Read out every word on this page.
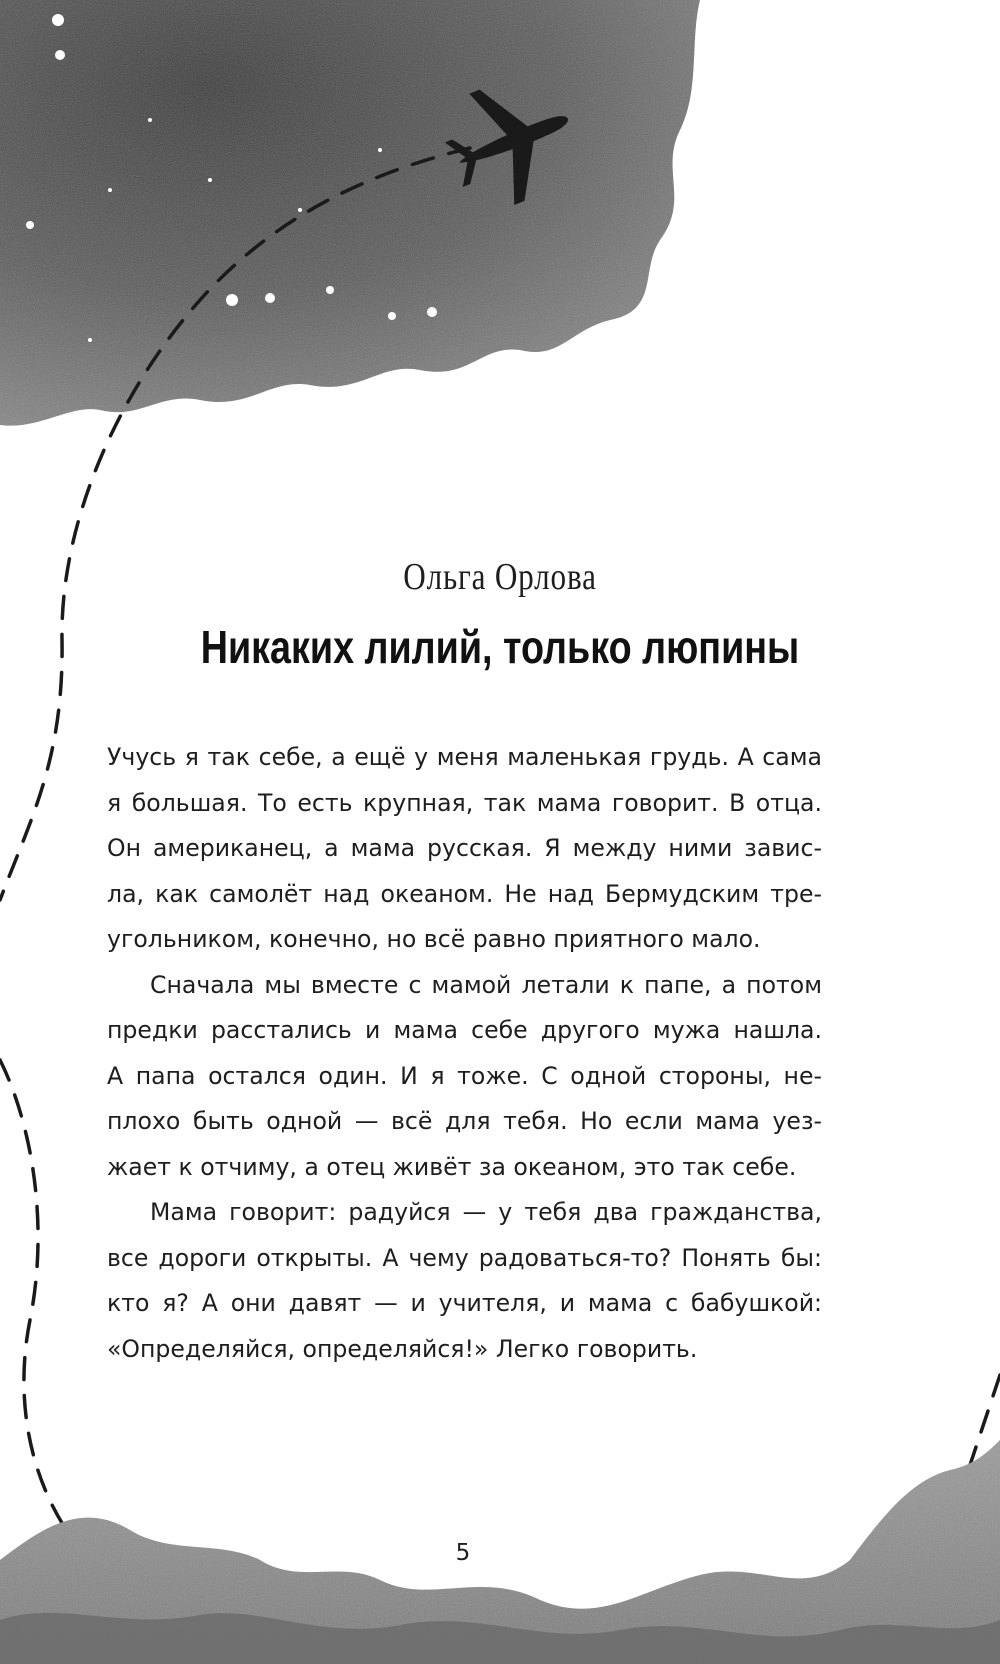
Ольга Орлова
Никаких лилий, только люпины
Учусь я так себе, а ещё у меня маленькая грудь. А сама
я большая. То есть крупная, так мама говорит. В отца.
Он американец, а мама русская. Я между ними завис-
ла, как самолёт над океаном. Не над Бермудским тре-
угольником, конечно, но всё равно приятного мало.
Сначала мы вместе с мамой летали к папе, а потом
предки расстались и мама себе другого мужа нашла.
А папа остался один. И я тоже. С одной стороны, не-
плохо быть одной — всё для тебя. Но если мама уез-
жает к отчиму, а отец живёт за океаном, это так себе.
Мама говорит: радуйся — у тебя два гражданства,
все дороги открыты. А чему радоваться-то? Понять бы:
кто я? А они давят — и учителя, и мама с бабушкой:
«Определяйся, определяйся!» Легко говорить.
5
